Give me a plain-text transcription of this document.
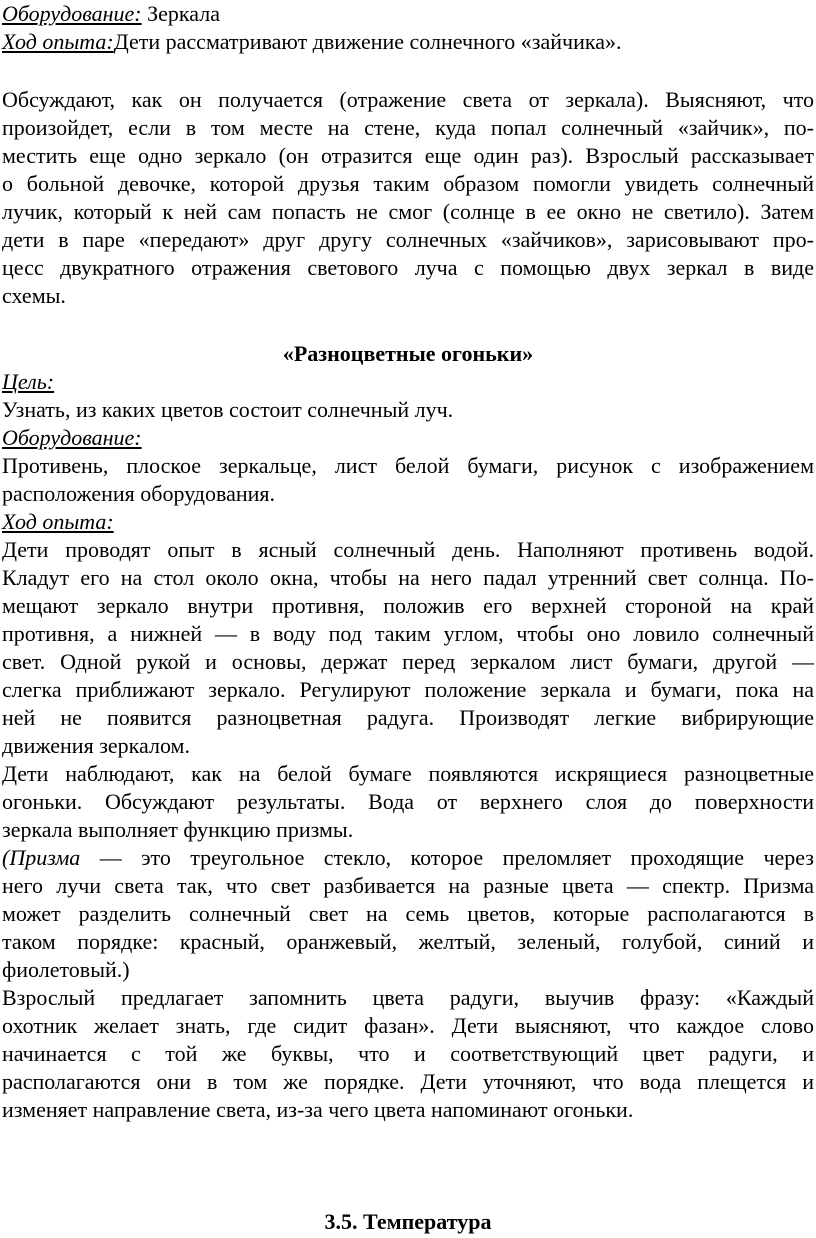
Оборудование: Зеркала
Ход опыта:Дети рассматривают движение солнечного «зайчика».
Обсуждают, как он получается (отражение света от зеркала). Выясняют, что
произойдет, если в том месте на стене, куда попал солнечный «зайчик», по-
местить еще одно зеркало (он отразится еще один раз). Взрослый рассказывает
о больной девочке, которой друзья таким образом помогли увидеть солнечный
лучик, который к ней сам попасть не смог (солнце в ее окно не светило). Затем
дети в паре «передают» друг другу солнечных «зайчиков», зарисовывают про-
цесс двукратного отражения светового луча с помощью двух зеркал в виде
схемы.
«Разноцветные огоньки»
Цель:
Узнать, из каких цветов состоит солнечный луч.
Оборудование:
Противень, плоское зеркальце, лист белой бумаги, рисунок с изображением
расположения оборудования.
Ход опыта:
Дети проводят опыт в ясный солнечный день. Наполняют противень водой.
Кладут его на стол около окна, чтобы на него падал утренний свет солнца. По-
мещают зеркало внутри противня, положив его верхней стороной на край
противня, а нижней — в воду под таким углом, чтобы оно ловило солнечный
свет. Одной рукой и основы, держат перед зеркалом лист бумаги, другой —
слегка приближают зеркало. Регулируют положение зеркала и бумаги, пока на
ней не появится разноцветная радуга. Производят легкие вибрирующие
движения зеркалом.
Дети наблюдают, как на белой бумаге появляются искрящиеся разноцветные
огоньки. Обсуждают результаты. Вода от верхнего слоя до поверхности
зеркала выполняет функцию призмы.
(Призма — это треугольное стекло, которое преломляет проходящие через
него лучи света так, что свет разбивается на разные цвета — спектр. Призма
может разделить солнечный свет на семь цветов, которые располагаются в
таком порядке: красный, оранжевый, желтый, зеленый, голубой, синий и
фиолетовый.)
Взрослый предлагает запомнить цвета радуги, выучив фразу: «Каждый
охотник желает знать, где сидит фазан». Дети выясняют, что каждое слово
начинается с той же буквы, что и соответствующий цвет радуги, и
располагаются они в том же порядке. Дети уточняют, что вода плещется и
изменяет направление света, из-за чего цвета напоминают огоньки.
3.5. Температура
